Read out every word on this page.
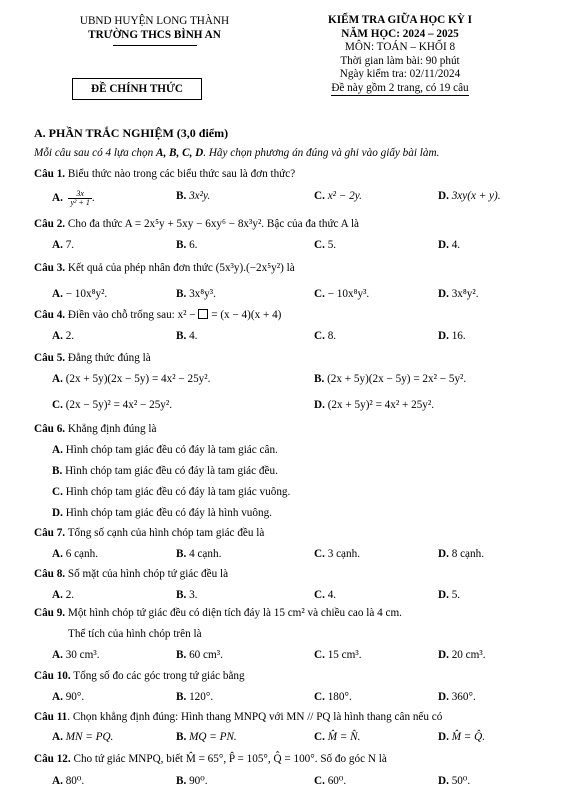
UBND HUYỆN LONG THÀNH
TRƯỜNG THCS BÌNH AN
ĐỀ CHÍNH THỨC
KIỂM TRA GIỮA HỌC KỲ I
NĂM HỌC: 2024 – 2025
MÔN: TOÁN – KHỐI 8
Thời gian làm bài: 90 phút
Ngày kiểm tra: 02/11/2024
Đề này gồm 2 trang, có 19 câu
A. PHẦN TRẮC NGHIỆM (3,0 điểm)
Mỗi câu sau có 4 lựa chọn A, B, C, D. Hãy chọn phương án đúng và ghi vào giấy bài làm.
Câu 1. Biểu thức nào trong các biểu thức sau là đơn thức?
A. $\frac{3x}{\text{y² + 1}}$ .	B. 3x²y.	C. x² − 2y.	D. 3xy(x + y).
Câu 2. Cho đa thức A = 2x⁵y + 5xy − 6xy⁶ − 8x³y². Bậc của đa thức A là
A. 7.	B. 6.	C. 5.	D. 4.
Câu 3. Kết quả của phép nhân đơn thức (5x³y).(−2x⁵y²) là
A. − 10x⁸y².	B. 3x⁸y³.	C. − 10x⁸y³.	D. 3x⁸y².
Câu 4. Điền vào chỗ trống sau: x² −  = (x − 4)(x + 4)
A. 2.	B. 4.	C. 8.	D. 16.
Câu 5. Đẳng thức đúng là
A. (2x + 5y)(2x − 5y) = 4x² − 25y².	B. (2x + 5y)(2x − 5y) = 2x² − 5y².
C. (2x − 5y)² = 4x² − 25y².	D. (2x + 5y)² = 4x² + 25y².
Câu 6. Khẳng định đúng là
A. Hình chóp tam giác đều có đáy là tam giác cân.
B. Hình chóp tam giác đều có đáy là tam giác đều.
C. Hình chóp tam giác đều có đáy là tam giác vuông.
D. Hình chóp tam giác đều có đáy là hình vuông.
Câu 7. Tổng số cạnh của hình chóp tam giác đều là
A. 6 cạnh.	B. 4 cạnh.	C. 3 cạnh.	D. 8 cạnh.
Câu 8. Số mặt của hình chóp tứ giác đều là
A. 2.	B. 3.	C. 4.	D. 5.
Câu 9. Một hình chóp tứ giác đều có diện tích đáy là 15 cm² và chiều cao là 4 cm.
Thể tích của hình chóp trên là
A. 30 cm³.	B. 60 cm³.	C. 15 cm³.	D. 20 cm³.
Câu 10. Tổng số đo các góc trong tứ giác bằng
A. 90°.	B. 120°.	C. 180°.	D. 360°.
Câu 11. Chọn khẳng định đúng: Hình thang MNPQ với MN // PQ là hình thang cân nếu có
A. MN = PQ.	B. MQ = PN.	C. M̂ = N̂.	D. M̂ = Q̂.
Câu 12. Cho tứ giác MNPQ, biết M̂ = 65°, P̂ = 105°, Q̂ = 100°. Số đo góc N là
A. 80⁰.	B. 90⁰.	C. 60⁰.	D. 50⁰.
